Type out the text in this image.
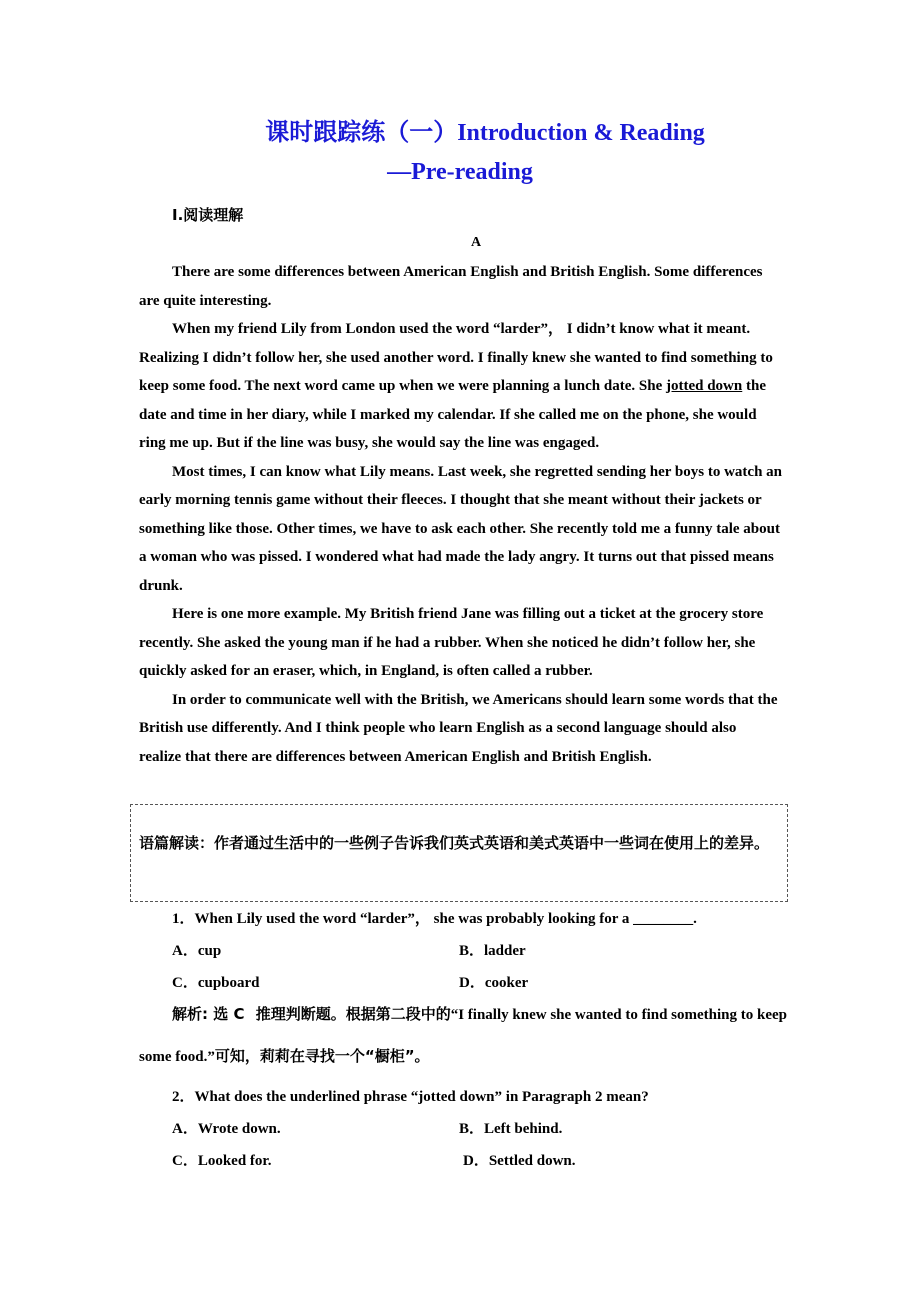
课时跟踪练（一）Introduction & Reading
—Pre-reading
Ⅰ.阅读理解
A

There are some differences between American English and British English. Some differences are quite interesting.

When my friend Lily from London used the word “larder”， I didn’t know what it meant. Realizing I didn’t follow her, she used another word. I finally knew she wanted to find something to keep some food. The next word came up when we were planning a lunch date. She jotted down the date and time in her diary, while I marked my calendar. If she called me on the phone, she would ring me up. But if the line was busy, she would say the line was engaged.

Most times, I can know what Lily means. Last week, she regretted sending her boys to watch an early morning tennis game without their fleeces. I thought that she meant without their jackets or something like those. Other times, we have to ask each other. She recently told me a funny tale about a woman who was pissed. I wondered what had made the lady angry. It turns out that pissed means drunk.

Here is one more example. My British friend Jane was filling out a ticket at the grocery store recently. She asked the young man if he had a rubber. When she noticed he didn’t follow her, she quickly asked for an eraser, which, in England, is often called a rubber.

In order to communicate well with the British, we Americans should learn some words that the British use differently. And I think people who learn English as a second language should also realize that there are differences between American English and British English.

语篇解读：作者通过生活中的一些例子告诉我们英式英语和美式英语中一些词在使用上的差异。
1．When Lily used the word “larder”， she was probably looking for a ________.
A．cup	B．ladder
C．cupboard	D．cooker
解析: 选 C 推理判断题。根据第二段中的“I finally knew she wanted to find something to keep some food.”可知，莉莉在寻找一个“橱柜”。
2．What does the underlined phrase “jotted down” in Paragraph 2 mean?
A．Wrote down.	B．Left behind.
C．Looked for.	D．Settled down.
